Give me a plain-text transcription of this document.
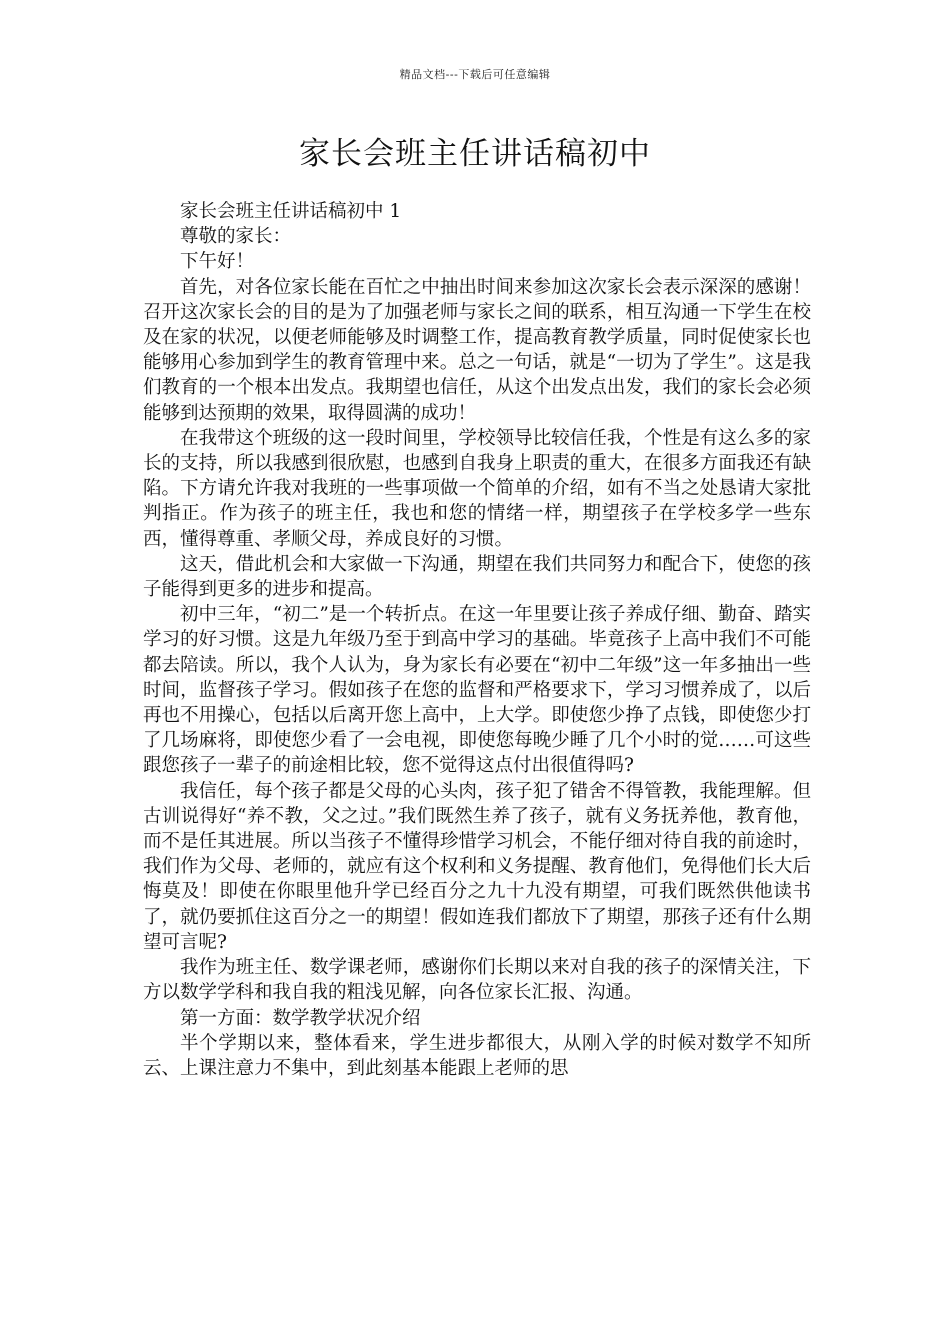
精品文档---下载后可任意编辑
家长会班主任讲话稿初中

家长会班主任讲话稿初中 1

尊敬的家长：

下午好！

首先，对各位家长能在百忙之中抽出时间来参加这次家长会表示深深的感谢！召开这次家长会的目的是为了加强老师与家长之间的联系，相互沟通一下学生在校及在家的状况，以便老师能够及时调整工作，提高教育教学质量，同时促使家长也能够用心参加到学生的教育管理中来。总之一句话，就是“一切为了学生”。这是我们教育的一个根本出发点。我期望也信任，从这个出发点出发，我们的家长会必须能够到达预期的效果，取得圆满的成功！

在我带这个班级的这一段时间里，学校领导比较信任我，个性是有这么多的家长的支持，所以我感到很欣慰，也感到自我身上职责的重大，在很多方面我还有缺陷。下方请允许我对我班的一些事项做一个简单的介绍，如有不当之处恳请大家批判指正。作为孩子的班主任，我也和您的情绪一样，期望孩子在学校多学一些东西，懂得尊重、孝顺父母，养成良好的习惯。

这天，借此机会和大家做一下沟通，期望在我们共同努力和配合下，使您的孩子能得到更多的进步和提高。

初中三年，“初二”是一个转折点。在这一年里要让孩子养成仔细、勤奋、踏实学习的好习惯。这是九年级乃至于到高中学习的基础。毕竟孩子上高中我们不可能都去陪读。所以，我个人认为，身为家长有必要在“初中二年级”这一年多抽出一些时间，监督孩子学习。假如孩子在您的监督和严格要求下，学习习惯养成了，以后再也不用操心，包括以后离开您上高中，上大学。即使您少挣了点钱，即使您少打了几场麻将，即使您少看了一会电视，即使您每晚少睡了几个小时的觉……可这些跟您孩子一辈子的前途相比较，您不觉得这点付出很值得吗?

我信任，每个孩子都是父母的心头肉，孩子犯了错舍不得管教，我能理解。但古训说得好“养不教，父之过。”我们既然生养了孩子，就有义务抚养他，教育他，而不是任其进展。所以当孩子不懂得珍惜学习机会，不能仔细对待自我的前途时，我们作为父母、老师的，就应有这个权利和义务提醒、教育他们，免得他们长大后悔莫及！即使在你眼里他升学已经百分之九十九没有期望，可我们既然供他读书了，就仍要抓住这百分之一的期望！假如连我们都放下了期望，那孩子还有什么期望可言呢?

我作为班主任、数学课老师，感谢你们长期以来对自我的孩子的深情关注，下方以数学学科和我自我的粗浅见解，向各位家长汇报、沟通。

第一方面：数学教学状况介绍

半个学期以来，整体看来，学生进步都很大，从刚入学的时候对数学不知所云、上课注意力不集中，到此刻基本能跟上老师的思
